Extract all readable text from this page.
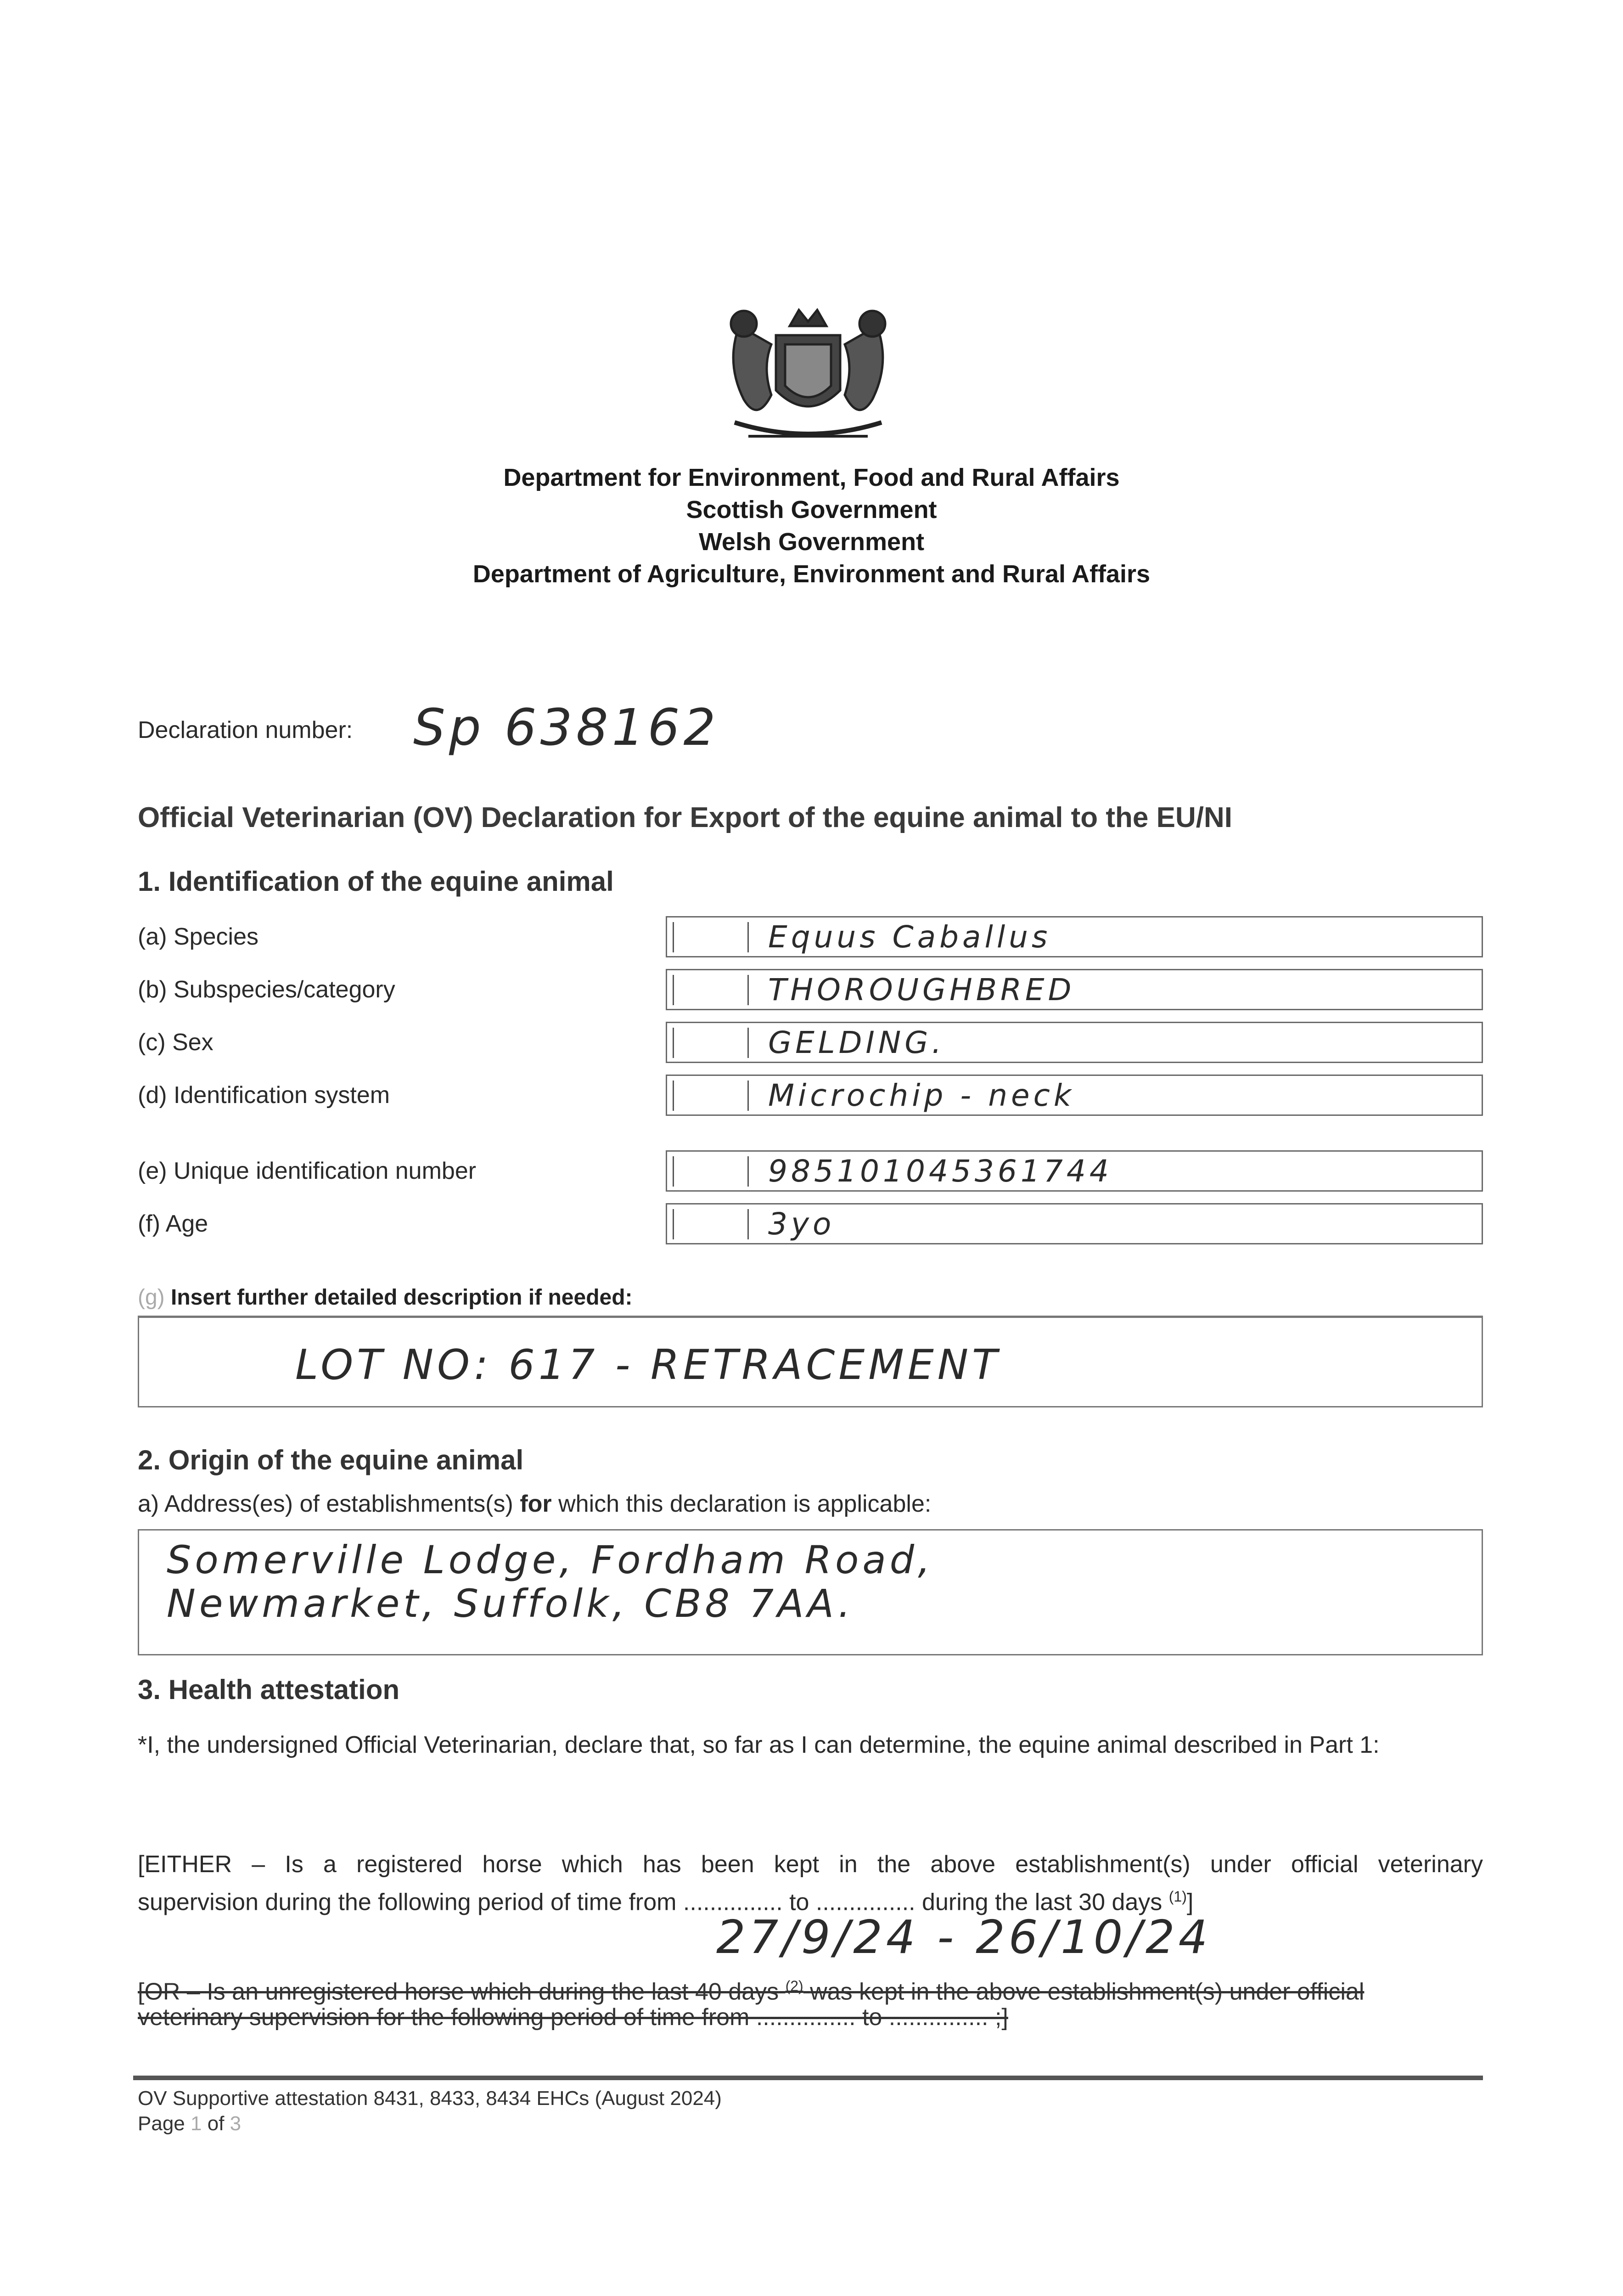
Department for Environment, Food and Rural Affairs
Scottish Government
Welsh Government
Department of Agriculture, Environment and Rural Affairs
Declaration number: Sp 638162
Official Veterinarian (OV) Declaration for Export of the equine animal to the EU/NI
1. Identification of the equine animal
(a) Species	Equus Caballus
(b) Subspecies/category	THOROUGHBRED
(c) Sex	GELDING.
(d) Identification system	Microchip - neck
(e) Unique identification number	985101045361744
(f) Age	3yo
(g) Insert further detailed description if needed:
LOT NO: 617 - RETRACEMENT
2. Origin of the equine animal
a) Address(es) of establishments(s) for which this declaration is applicable:
Somerville Lodge, Fordham Road,
Newmarket, Suffolk, CB8 7AA.
3. Health attestation
*I, the undersigned Official Veterinarian, declare that, so far as I can determine, the equine animal described in Part 1:
[EITHER – Is a registered horse which has been kept in the above establishment(s) under official veterinary
supervision during the following period of time from ............... to ............... during the last 30 days $^{(1)}$]
27/9/24 - 26/10/24
[OR – Is an unregistered horse which during the last 40 days $^{(2)}$ was kept in the above establishment(s) under official
veterinary supervision for the following period of time from ............... to ............... ;]
OV Supportive attestation 8431, 8433, 8434 EHCs (August 2024)
Page 1 of 3
